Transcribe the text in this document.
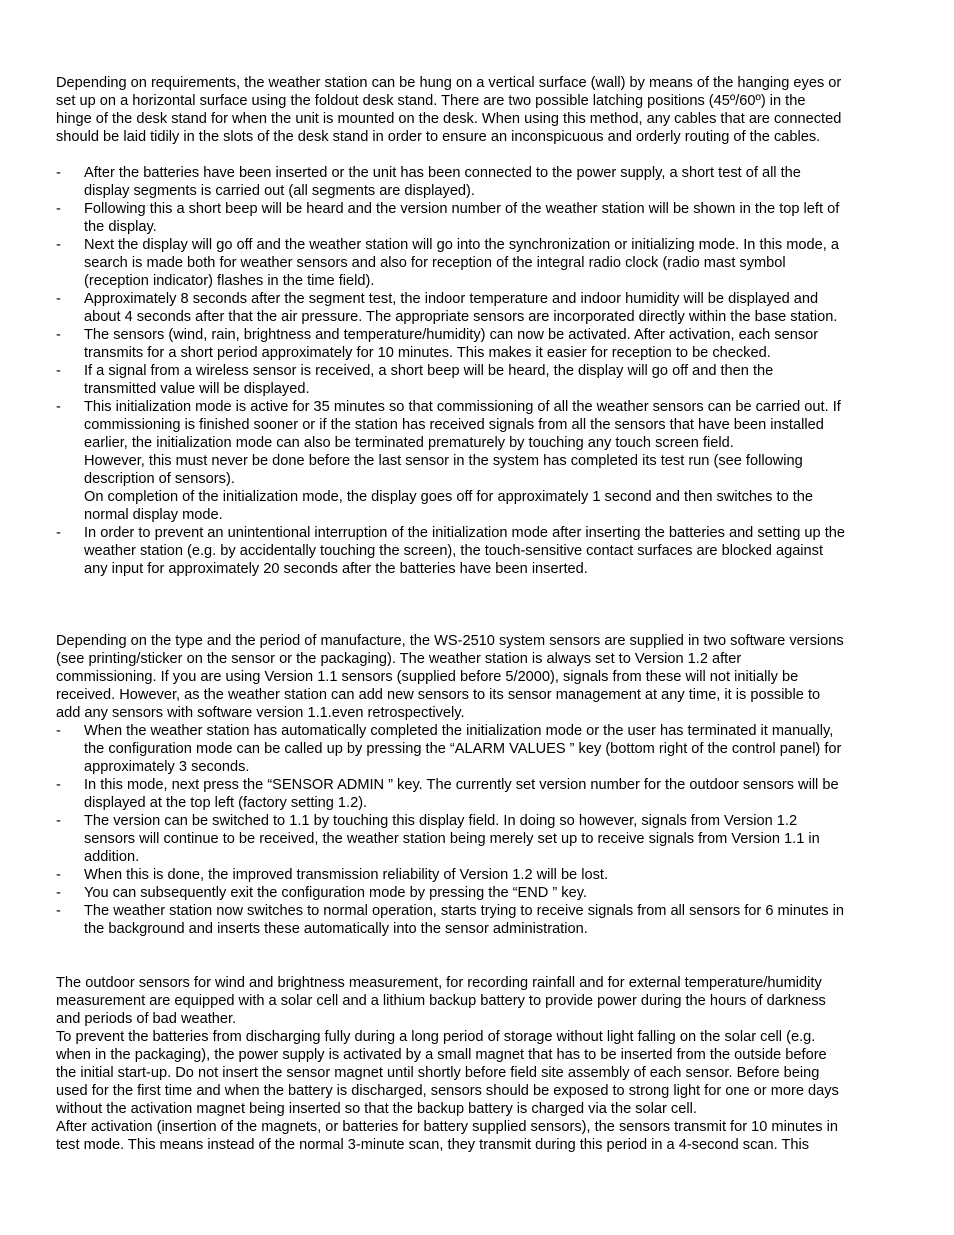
Depending on requirements, the weather station can be hung on a vertical surface (wall) by means of the hanging eyes or
set up on a horizontal surface using the foldout desk stand. There are two possible latching positions (45º/60º) in the
hinge of the desk stand for when the unit is mounted on the desk. When using this method, any cables that are connected
should be laid tidily in the slots of the desk stand in order to ensure an inconspicuous and orderly routing of the cables.

- After the batteries have been inserted or the unit has been connected to the power supply, a short test of all the
display segments is carried out (all segments are displayed).
- Following this a short beep will be heard and the version number of the weather station will be shown in the top left of
the display.
- Next the display will go off and the weather station will go into the synchronization or initializing mode. In this mode, a
search is made both for weather sensors and also for reception of the integral radio clock (radio mast symbol
(reception indicator) flashes in the time field).
- Approximately 8 seconds after the segment test, the indoor temperature and indoor humidity will be displayed and
about 4 seconds after that the air pressure. The appropriate sensors are incorporated directly within the base station.
- The sensors (wind, rain, brightness and temperature/humidity) can now be activated. After activation, each sensor
transmits for a short period approximately for 10 minutes. This makes it easier for reception to be checked.
- If a signal from a wireless sensor is received, a short beep will be heard, the display will go off and then the
transmitted value will be displayed.
- This initialization mode is active for 35 minutes so that commissioning of all the weather sensors can be carried out. If
commissioning is finished sooner or if the station has received signals from all the sensors that have been installed
earlier, the initialization mode can also be terminated prematurely by touching any touch screen field.
However, this must never be done before the last sensor in the system has completed its test run (see following
description of sensors).
On completion of the initialization mode, the display goes off for approximately 1 second and then switches to the
normal display mode.
- In order to prevent an unintentional interruption of the initialization mode after inserting the batteries and setting up the
weather station (e.g. by accidentally touching the screen), the touch-sensitive contact surfaces are blocked against
any input for approximately 20 seconds after the batteries have been inserted.

Depending on the type and the period of manufacture, the WS-2510 system sensors are supplied in two software versions
(see printing/sticker on the sensor or the packaging). The weather station is always set to Version 1.2 after
commissioning. If you are using Version 1.1 sensors (supplied before 5/2000), signals from these will not initially be
received. However, as the weather station can add new sensors to its sensor management at any time, it is possible to
add any sensors with software version 1.1.even retrospectively.

- When the weather station has automatically completed the initialization mode or the user has terminated it manually,
the configuration mode can be called up by pressing the “ALARM VALUES ” key (bottom right of the control panel) for
approximately 3 seconds.
- In this mode, next press the “SENSOR ADMIN ” key. The currently set version number for the outdoor sensors will be
displayed at the top left (factory setting 1.2).
- The version can be switched to 1.1 by touching this display field. In doing so however, signals from Version 1.2
sensors will continue to be received, the weather station being merely set up to receive signals from Version 1.1 in
addition.
- When this is done, the improved transmission reliability of Version 1.2 will be lost.
- You can subsequently exit the configuration mode by pressing the “END ” key.
- The weather station now switches to normal operation, starts trying to receive signals from all sensors for 6 minutes in
the background and inserts these automatically into the sensor administration.

The outdoor sensors for wind and brightness measurement, for recording rainfall and for external temperature/humidity
measurement are equipped with a solar cell and a lithium backup battery to provide power during the hours of darkness
and periods of bad weather.
To prevent the batteries from discharging fully during a long period of storage without light falling on the solar cell (e.g.
when in the packaging), the power supply is activated by a small magnet that has to be inserted from the outside before
the initial start-up. Do not insert the sensor magnet until shortly before field site assembly of each sensor. Before being
used for the first time and when the battery is discharged, sensors should be exposed to strong light for one or more days
without the activation magnet being inserted so that the backup battery is charged via the solar cell.
After activation (insertion of the magnets, or batteries for battery supplied sensors), the sensors transmit for 10 minutes in
test mode. This means instead of the normal 3-minute scan, they transmit during this period in a 4-second scan. This
